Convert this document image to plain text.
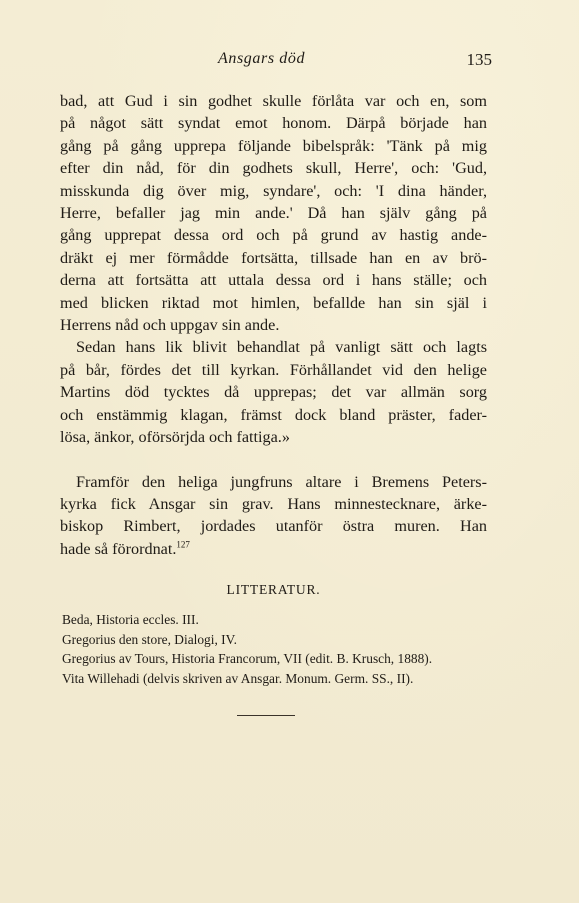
Ansgars död	135
bad, att Gud i sin godhet skulle förlåta var och en, som
på något sätt syndat emot honom. Därpå började han
gång på gång upprepa följande bibelspråk: 'Tänk på mig
efter din nåd, för din godhets skull, Herre', och: 'Gud,
misskunda dig över mig, syndare', och: 'I dina händer,
Herre, befaller jag min ande.' Då han själv gång på
gång upprepat dessa ord och på grund av hastig ande-
dräkt ej mer förmådde fortsätta, tillsade han en av brö-
derna att fortsätta att uttala dessa ord i hans ställe; och
med blicken riktad mot himlen, befallde han sin själ i
Herrens nåd och uppgav sin ande.
Sedan hans lik blivit behandlat på vanligt sätt och lagts
på bår, fördes det till kyrkan. Förhållandet vid den helige
Martins död tycktes då upprepas; det var allmän sorg
och enstämmig klagan, främst dock bland präster, fader-
lösa, änkor, oförsörjda och fattiga.»
Framför den heliga jungfruns altare i Bremens Peters-
kyrka fick Ansgar sin grav. Hans minnestecknare, ärke-
biskop Rimbert, jordades utanför östra muren. Han
hade så förordnat.$^{127}$
LITTERATUR.
Beda, Historia eccles. III.
Gregorius den store, Dialogi, IV.
Gregorius av Tours, Historia Francorum, VII (edit. B. Krusch, 1888).
Vita Willehadi (delvis skriven av Ansgar. Monum. Germ. SS., II).
